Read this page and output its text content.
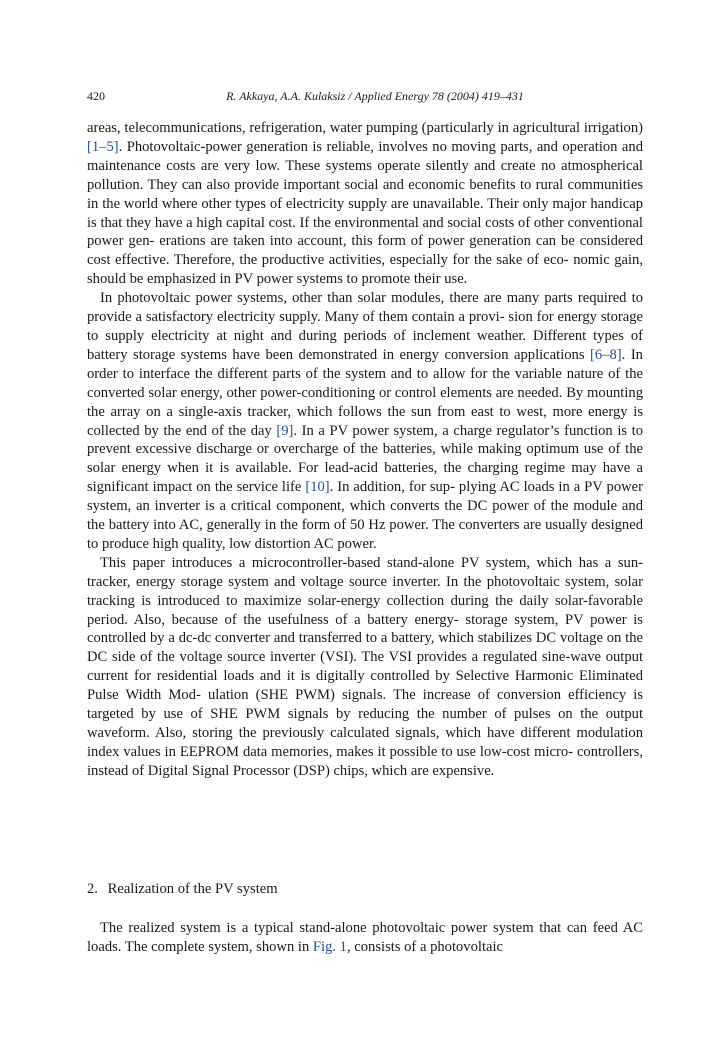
420	R. Akkaya, A.A. Kulaksiz / Applied Energy 78 (2004) 419–431

areas, telecommunications, refrigeration, water pumping (particularly in agricultural irrigation) [1–5]. Photovoltaic-power generation is reliable, involves no moving parts, and operation and maintenance costs are very low. These systems operate silently and create no atmospherical pollution. They can also provide important social and economic benefits to rural communities in the world where other types of electricity supply are unavailable. Their only major handicap is that they have a high capital cost. If the environmental and social costs of other conventional power gen- erations are taken into account, this form of power generation can be considered cost effective. Therefore, the productive activities, especially for the sake of eco- nomic gain, should be emphasized in PV power systems to promote their use.

In photovoltaic power systems, other than solar modules, there are many parts required to provide a satisfactory electricity supply. Many of them contain a provi- sion for energy storage to supply electricity at night and during periods of inclement weather. Different types of battery storage systems have been demonstrated in energy conversion applications [6–8]. In order to interface the different parts of the system and to allow for the variable nature of the converted solar energy, other power-conditioning or control elements are needed. By mounting the array on a single-axis tracker, which follows the sun from east to west, more energy is collected by the end of the day [9]. In a PV power system, a charge regulator’s function is to prevent excessive discharge or overcharge of the batteries, while making optimum use of the solar energy when it is available. For lead-acid batteries, the charging regime may have a significant impact on the service life [10]. In addition, for sup- plying AC loads in a PV power system, an inverter is a critical component, which converts the DC power of the module and the battery into AC, generally in the form of 50 Hz power. The converters are usually designed to produce high quality, low distortion AC power.

This paper introduces a microcontroller-based stand-alone PV system, which has a sun-tracker, energy storage system and voltage source inverter. In the photovoltaic system, solar tracking is introduced to maximize solar-energy collection during the daily solar-favorable period. Also, because of the usefulness of a battery energy- storage system, PV power is controlled by a dc-dc converter and transferred to a battery, which stabilizes DC voltage on the DC side of the voltage source inverter (VSI). The VSI provides a regulated sine-wave output current for residential loads and it is digitally controlled by Selective Harmonic Eliminated Pulse Width Mod- ulation (SHE PWM) signals. The increase of conversion efficiency is targeted by use of SHE PWM signals by reducing the number of pulses on the output waveform. Also, storing the previously calculated signals, which have different modulation index values in EEPROM data memories, makes it possible to use low-cost micro- controllers, instead of Digital Signal Processor (DSP) chips, which are expensive.

2. Realization of the PV system

The realized system is a typical stand-alone photovoltaic power system that can feed AC loads. The complete system, shown in Fig. 1, consists of a photovoltaic
